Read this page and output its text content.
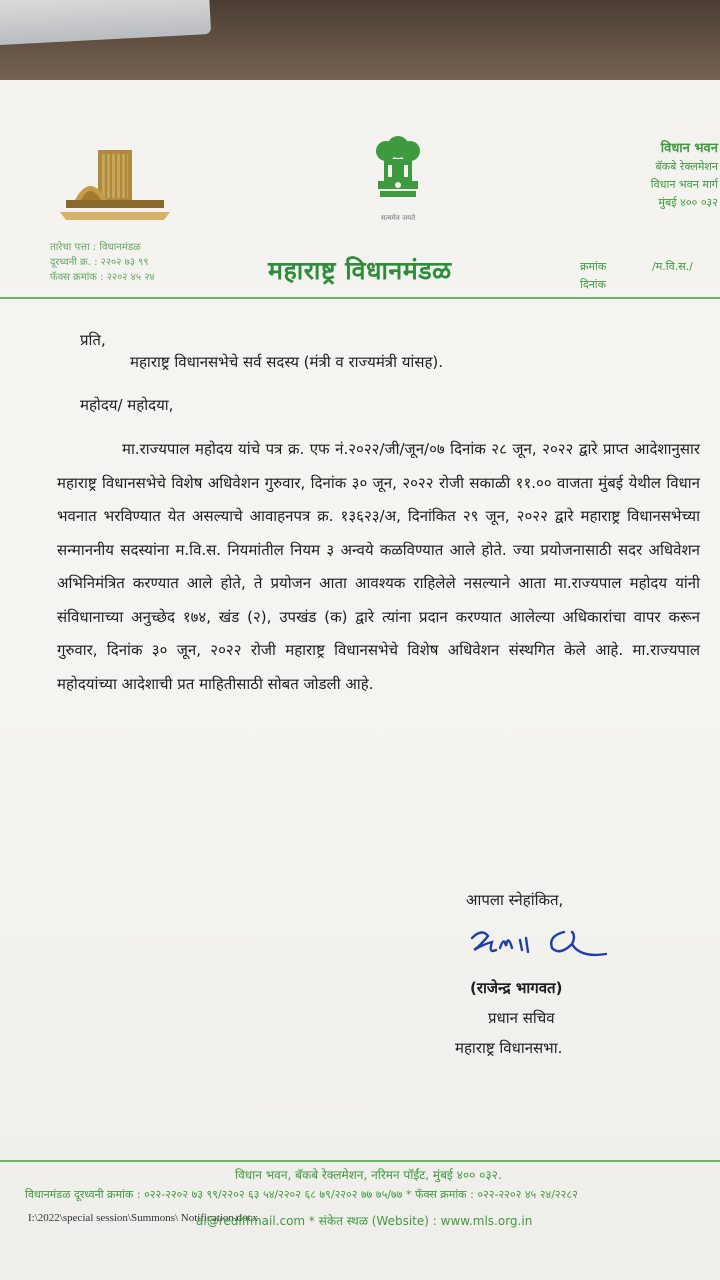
सत्यमेव जयते
विधान भवन
बॅकबे रेक्लमेशन
विधान भवन मार्ग
मुंबई ४०० ०३२
तारेचा पत्ता : विधानमंडळ
दूरध्वनी क्र. : २२०२ ७३ ९९
फॅक्स क्रमांक : २२०२ ४५ २४	महाराष्ट्र विधानमंडळ	क्रमांक	/म.वि.स./
दिनांक
प्रति,
महाराष्ट्र विधानसभेचे सर्व सदस्य (मंत्री व राज्यमंत्री यांसह).
महोदय/ महोदया,
मा.राज्यपाल महोदय यांचे पत्र क्र. एफ नं.२०२२/जी/जून/०७ दिनांक २८ जून, २०२२ द्वारे प्राप्त आदेशानुसार महाराष्ट्र विधानसभेचे विशेष अधिवेशन गुरुवार, दिनांक ३० जून, २०२२ रोजी सकाळी ११.०० वाजता मुंबई येथील विधान भवनात भरविण्यात येत असल्याचे आवाहनपत्र क्र. १३६२३/अ, दिनांकित २९ जून, २०२२ द्वारे महाराष्ट्र विधानसभेच्या सन्माननीय सदस्यांना म.वि.स. नियमांतील नियम ३ अन्वये कळविण्यात आले होते. ज्या प्रयोजनासाठी सदर अधिवेशन अभिनिमंत्रित करण्यात आले होते, ते प्रयोजन आता आवश्यक राहिलेले नसल्याने आता मा.राज्यपाल महोदय यांनी संविधानाच्या अनुच्छेद १७४, खंड (२), उपखंड (क) द्वारे त्यांना प्रदान करण्यात आलेल्या अधिकारांचा वापर करून गुरुवार, दिनांक ३० जून, २०२२ रोजी महाराष्ट्र विधानसभेचे विशेष अधिवेशन संस्थगित केले आहे. मा.राज्यपाल महोदयांच्या आदेशाची प्रत माहितीसाठी सोबत जोडली आहे.
आपला स्नेहांकित,
(राजेन्द्र भागवत)
प्रधान सचिव
महाराष्ट्र विधानसभा.
विधान भवन, बॅकबे रेक्लमेशन, नरिमन पॉईंट, मुंबई ४०० ०३२.
विधानमंडळ दूरध्वनी क्रमांक : ०२२-२२०२ ७३ ९९/२२०२ ६३ ५४/२२०२ ६८ ७९/२२०२ ७७ ७५/७७ * फॅक्स क्रमांक : ०२२-२२०२ ४५ २४/२२८२
I:\2022\special session\Summons\ Notification.docx
ai@rediffmail.com * संकेत स्थळ (Website) : www.mls.org.in
